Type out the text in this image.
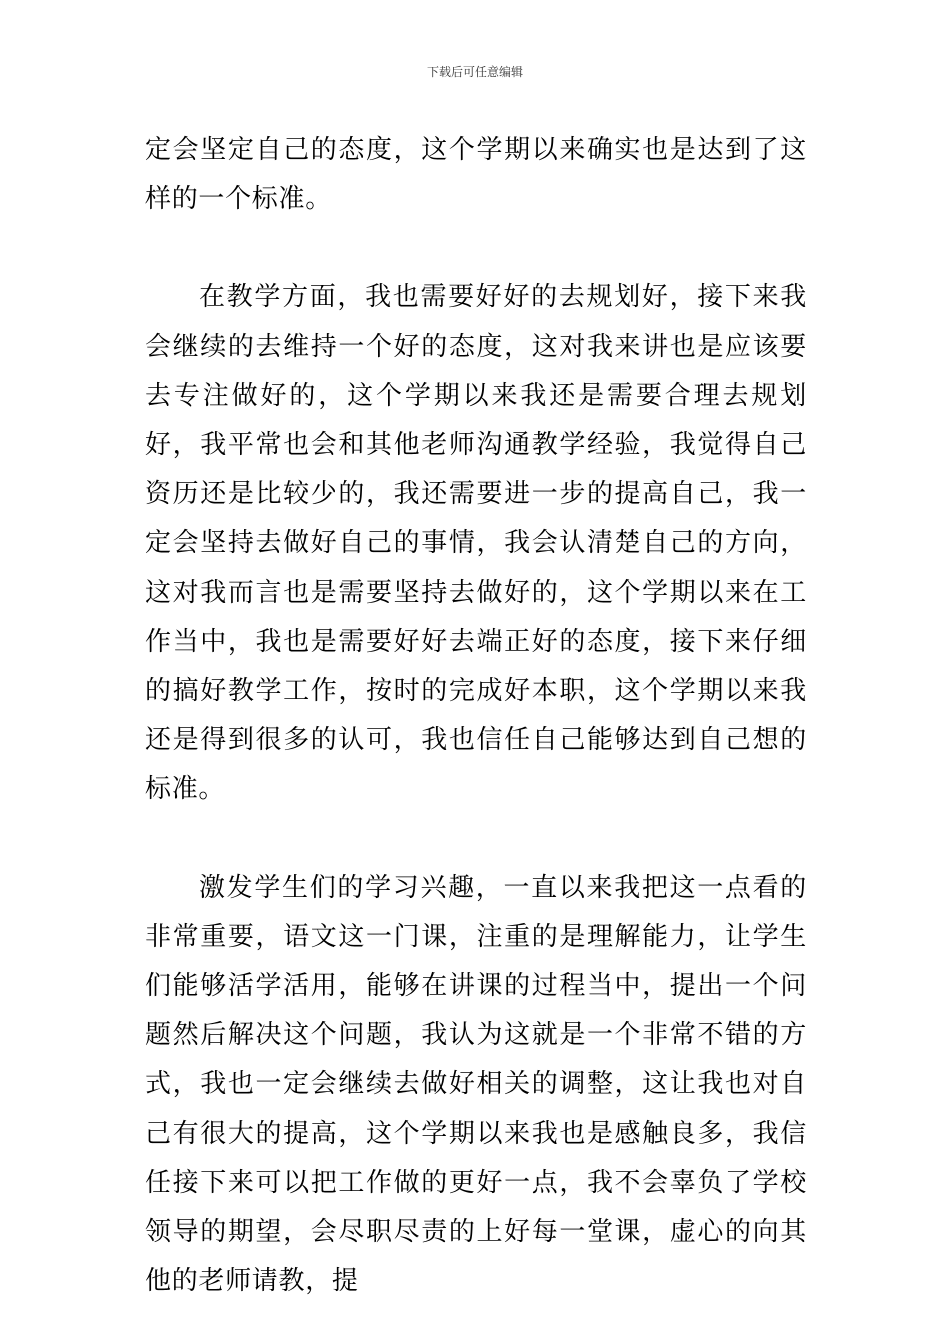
下载后可任意编辑

定会坚定自己的态度，这个学期以来确实也是达到了这样的一个标准。

在教学方面，我也需要好好的去规划好，接下来我会继续的去维持一个好的态度，这对我来讲也是应该要去专注做好的，这个学期以来我还是需要合理去规划好，我平常也会和其他老师沟通教学经验，我觉得自己资历还是比较少的，我还需要进一步的提高自己，我一定会坚持去做好自己的事情，我会认清楚自己的方向，这对我而言也是需要坚持去做好的，这个学期以来在工作当中，我也是需要好好去端正好的态度，接下来仔细的搞好教学工作，按时的完成好本职，这个学期以来我还是得到很多的认可，我也信任自己能够达到自己想的标准。

激发学生们的学习兴趣，一直以来我把这一点看的非常重要，语文这一门课，注重的是理解能力，让学生们能够活学活用，能够在讲课的过程当中，提出一个问题然后解决这个问题，我认为这就是一个非常不错的方式，我也一定会继续去做好相关的调整，这让我也对自己有很大的提高，这个学期以来我也是感触良多，我信任接下来可以把工作做的更好一点，我不会辜负了学校领导的期望，会尽职尽责的上好每一堂课，虚心的向其他的老师请教，提
